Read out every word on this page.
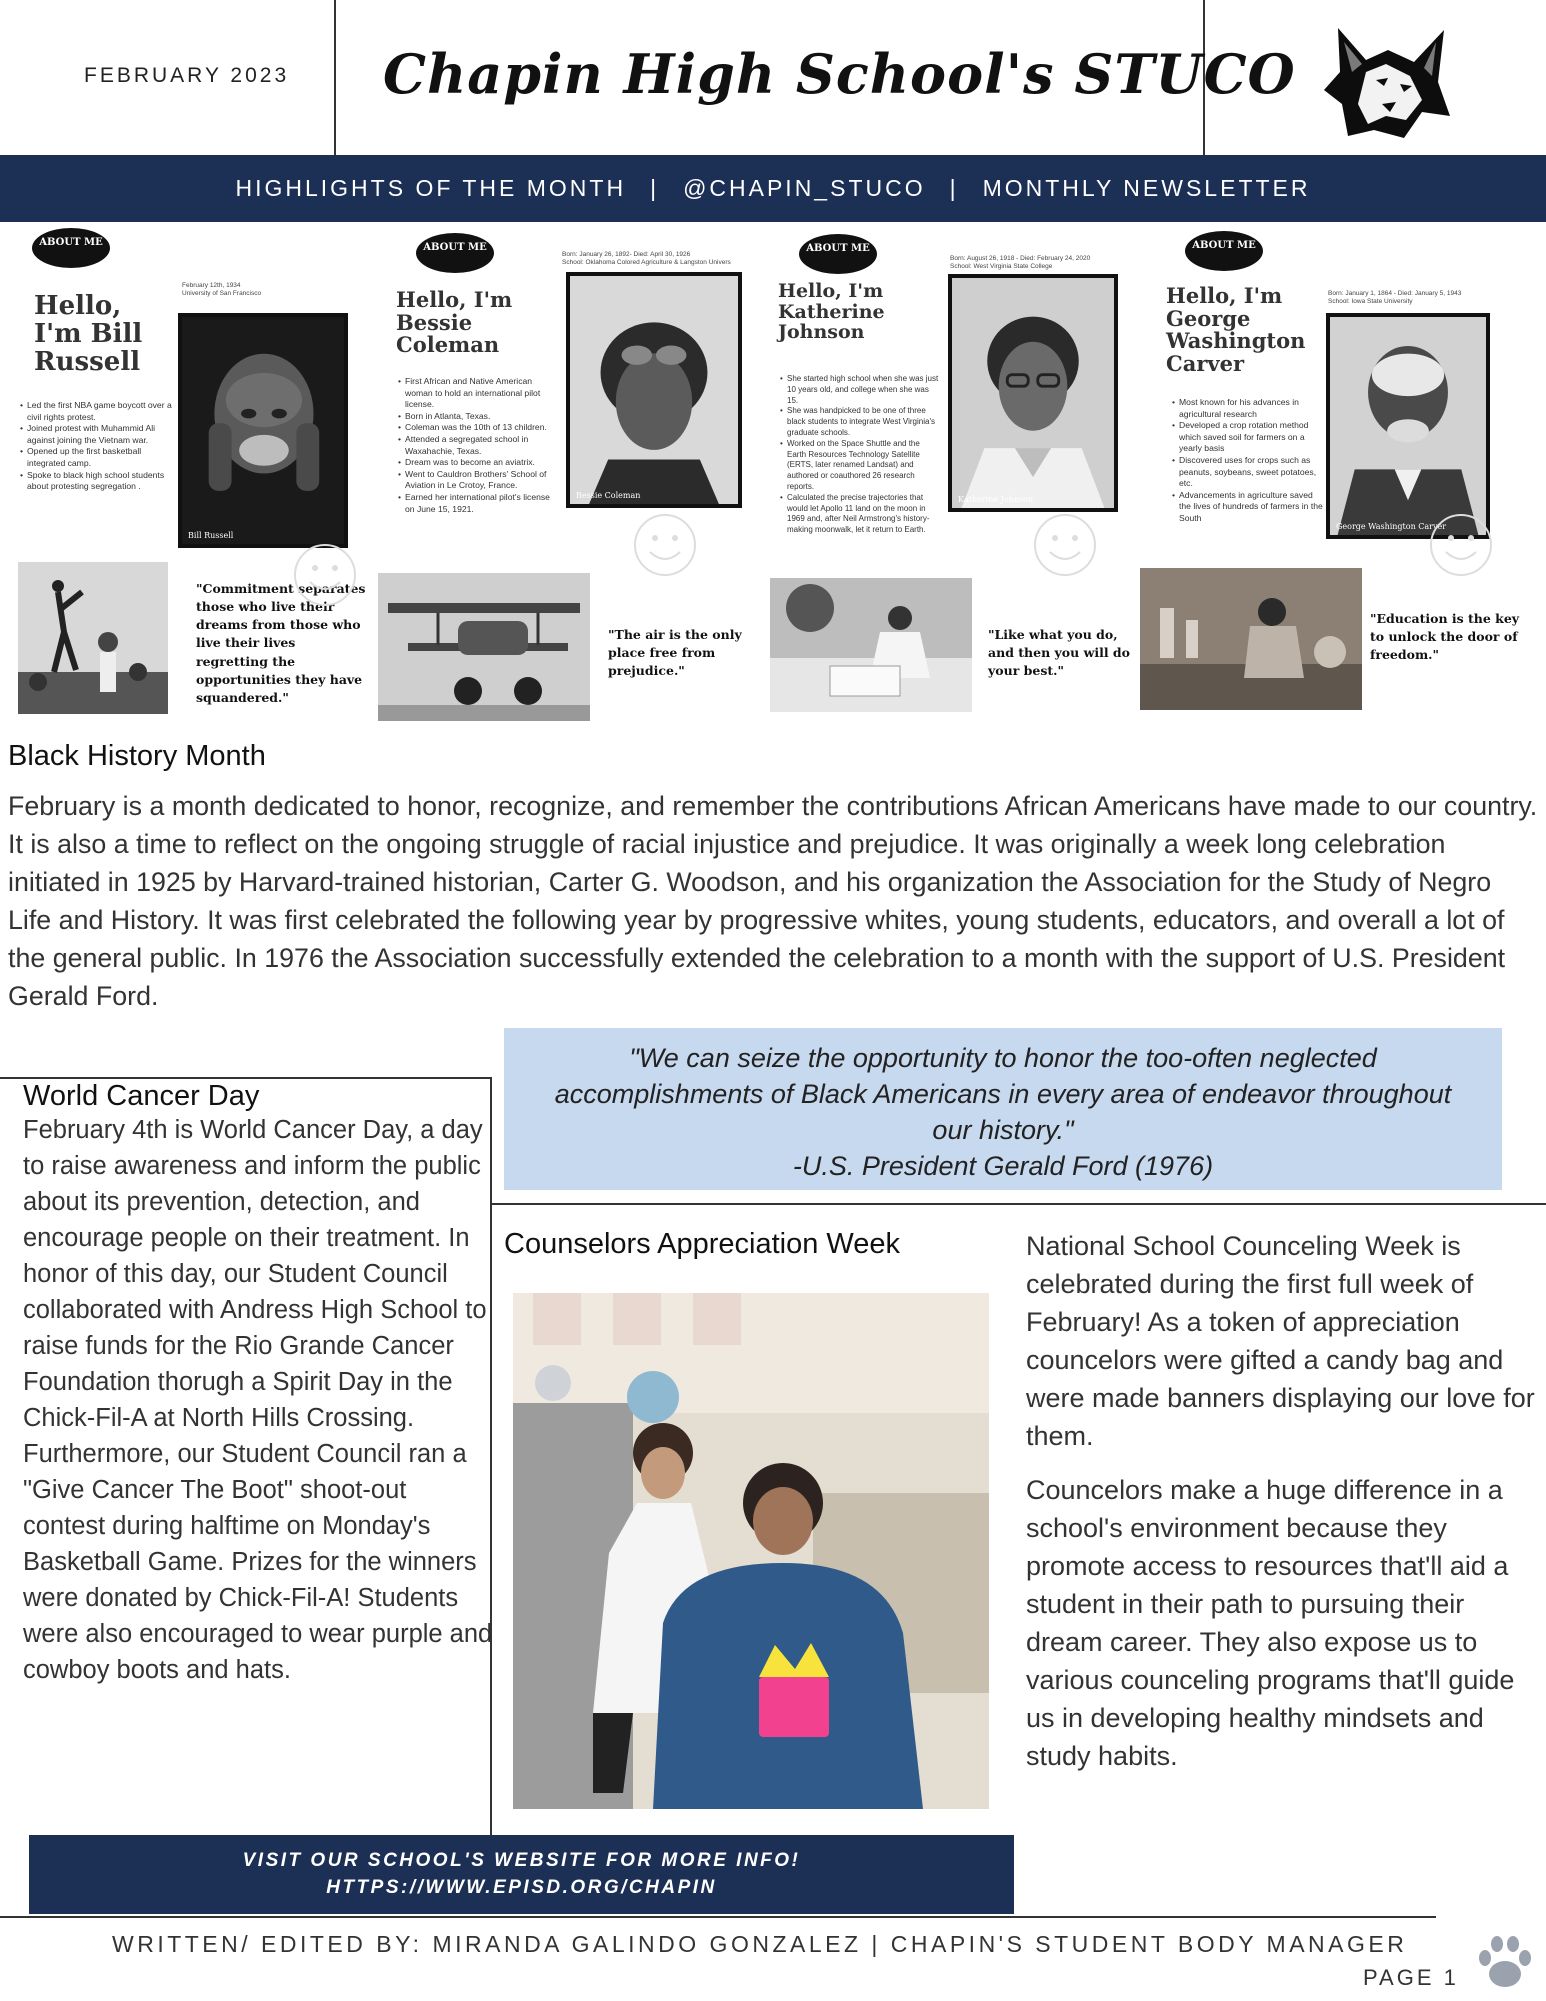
FEBRUARY 2023 Chapin High School's STUCO
HIGHLIGHTS OF THE MONTH | @CHAPIN_STUCO | MONTHLY NEWSLETTER
ABOUT ME
Hello, I'm Bill Russell
February 12th, 1934
University of San Francisco
• Led the first NBA game boycott over a civil rights protest.
• Joined protest with Muhammid Ali against joining the Vietnam war.
• Opened up the first basketball integrated camp.
• Spoke to black high school students about protesting segregation .
Bill Russell
"Commitment separates those who live their dreams from those who live their lives regretting the opportunities they have squandered."
ABOUT ME
Hello, I'm Bessie Coleman
• First African and Native American woman to hold an international pilot license.
• Born in Atlanta, Texas.
• Coleman was the 10th of 13 children.
• Attended a segregated school in Waxahachie, Texas.
• Dream was to become an aviatrix.
• Went to Cauldron Brothers' School of Aviation in Le Crotoy, France.
• Earned her international pilot's license on June 15, 1921.
Born: January 26, 1892- Died: April 30, 1926
School: Oklahoma Colored Agriculture & Langston Univers
Bessie Coleman
"The air is the only place free from prejudice."
ABOUT ME
Hello, I'm Katherine Johnson
• She started high school when she was just 10 years old, and college when she was 15.
• She was handpicked to be one of three black students to integrate West Virginia's graduate schools.
• Worked on the Space Shuttle and the Earth Resources Technology Satellite (ERTS, later renamed Landsat) and authored or coauthored 26 research reports.
• Calculated the precise trajectories that would let Apollo 11 land on the moon in 1969 and, after Neil Armstrong's history-making moonwalk, let it return to Earth.
Born: August 26, 1918 - Died: February 24, 2020
School: West Virginia State College
Katherine Johnson
"Like what you do, and then you will do your best."
ABOUT ME
Hello, I'm George Washington Carver
• Most known for his advances in agricultural research
• Developed a crop rotation method which saved soil for farmers on a yearly basis
• Discovered uses for crops such as peanuts, soybeans, sweet potatoes, etc.
• Advancements in agriculture saved the lives of hundreds of farmers in the South
Born: January 1, 1864 - Died: January 5, 1943
School: Iowa State University
George Washington Carver
"Education is the key to unlock the door of freedom."
Black History Month
February is a month dedicated to honor, recognize, and remember the contributions African Americans have made to our country. It is also a time to reflect on the ongoing struggle of racial injustice and prejudice. It was originally a week long celebration initiated in 1925 by Harvard-trained historian, Carter G. Woodson, and his organization the Association for the Study of Negro Life and History. It was first celebrated the following year by progressive whites, young students, educators, and overall a lot of the general public. In 1976 the Association successfully extended the celebration to a month with the support of U.S. President Gerald Ford.
"We can seize the opportunity to honor the too-often neglected accomplishments of Black Americans in every area of endeavor throughout our history."
-U.S. President Gerald Ford (1976)
World Cancer Day
February 4th is World Cancer Day, a day to raise awareness and inform the public about its prevention, detection, and encourage people on their treatment. In honor of this day, our Student Council collaborated with Andress High School to raise funds for the Rio Grande Cancer Foundation thorugh a Spirit Day in the Chick-Fil-A at North Hills Crossing. Furthermore, our Student Council ran a "Give Cancer The Boot" shoot-out contest during halftime on Monday's Basketball Game. Prizes for the winners were donated by Chick-Fil-A! Students were also encouraged to wear purple and cowboy boots and hats.
Counselors Appreciation Week	National School Counceling Week is celebrated during the first full week of February! As a token of appreciation councelors were gifted a candy bag and were made banners displaying our love for them.
Councelors make a huge difference in a school's environment because they promote access to resources that'll aid a student in their path to pursuing their dream career. They also expose us to various counceling programs that'll guide us in developing healthy mindsets and study habits.
VISIT OUR SCHOOL'S WEBSITE FOR MORE INFO!
HTTPS://WWW.EPISD.ORG/CHAPIN
WRITTEN/ EDITED BY: MIRANDA GALINDO GONZALEZ | CHAPIN'S STUDENT BODY MANAGER
PAGE 1
